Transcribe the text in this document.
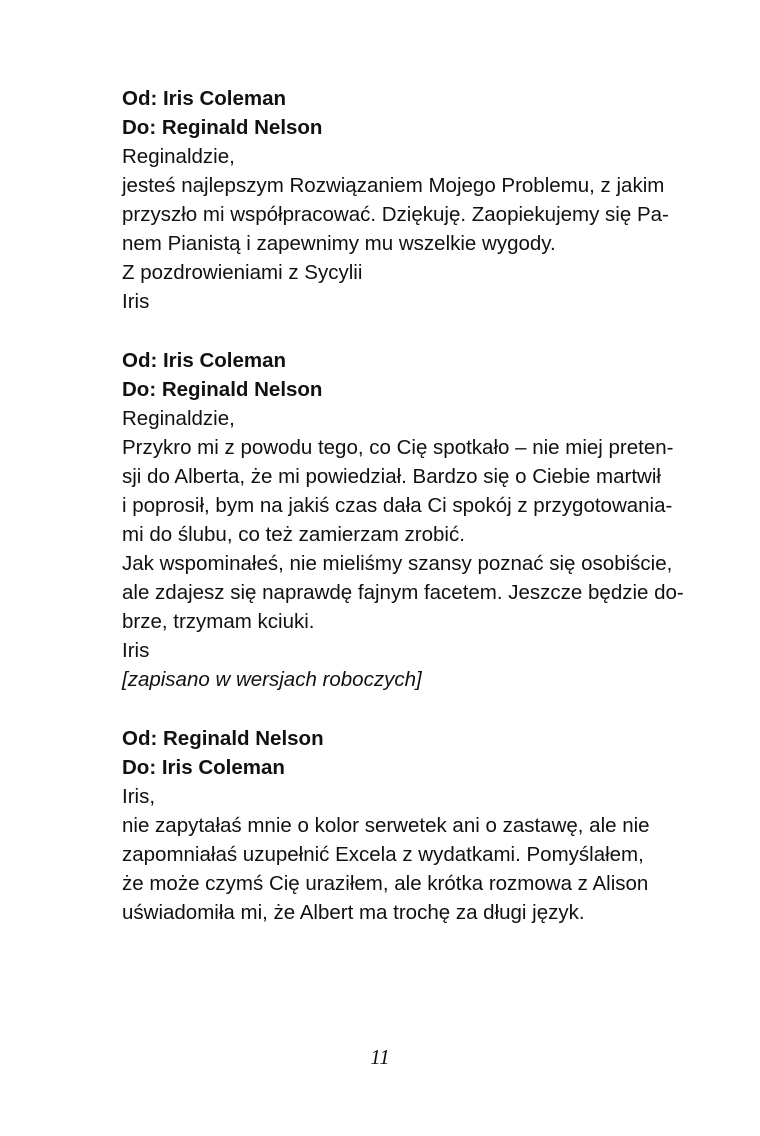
Od: Iris Coleman

Do: Reginald Nelson

Reginaldzie,

jesteś najlepszym Rozwiązaniem Mojego Problemu, z jakim

przyszło mi współpracować. Dziękuję. Zaopiekujemy się Pa-

nem Pianistą i zapewnimy mu wszelkie wygody.

Z pozdrowieniami z Sycylii

Iris

Od: Iris Coleman

Do: Reginald Nelson

Reginaldzie,

Przykro mi z powodu tego, co Cię spotkało – nie miej preten-

sji do Alberta, że mi powiedział. Bardzo się o Ciebie martwił

i poprosił, bym na jakiś czas dała Ci spokój z przygotowania-

mi do ślubu, co też zamierzam zrobić.

Jak wspominałeś, nie mieliśmy szansy poznać się osobiście,

ale zdajesz się naprawdę fajnym facetem. Jeszcze będzie do-

brze, trzymam kciuki.

Iris

[zapisano w wersjach roboczych]

Od: Reginald Nelson

Do: Iris Coleman

Iris,

nie zapytałaś mnie o kolor serwetek ani o zastawę, ale nie

zapomniałaś uzupełnić Excela z wydatkami. Pomyślałem,

że może czymś Cię uraziłem, ale krótka rozmowa z Alison

uświadomiła mi, że Albert ma trochę za długi język.

11
